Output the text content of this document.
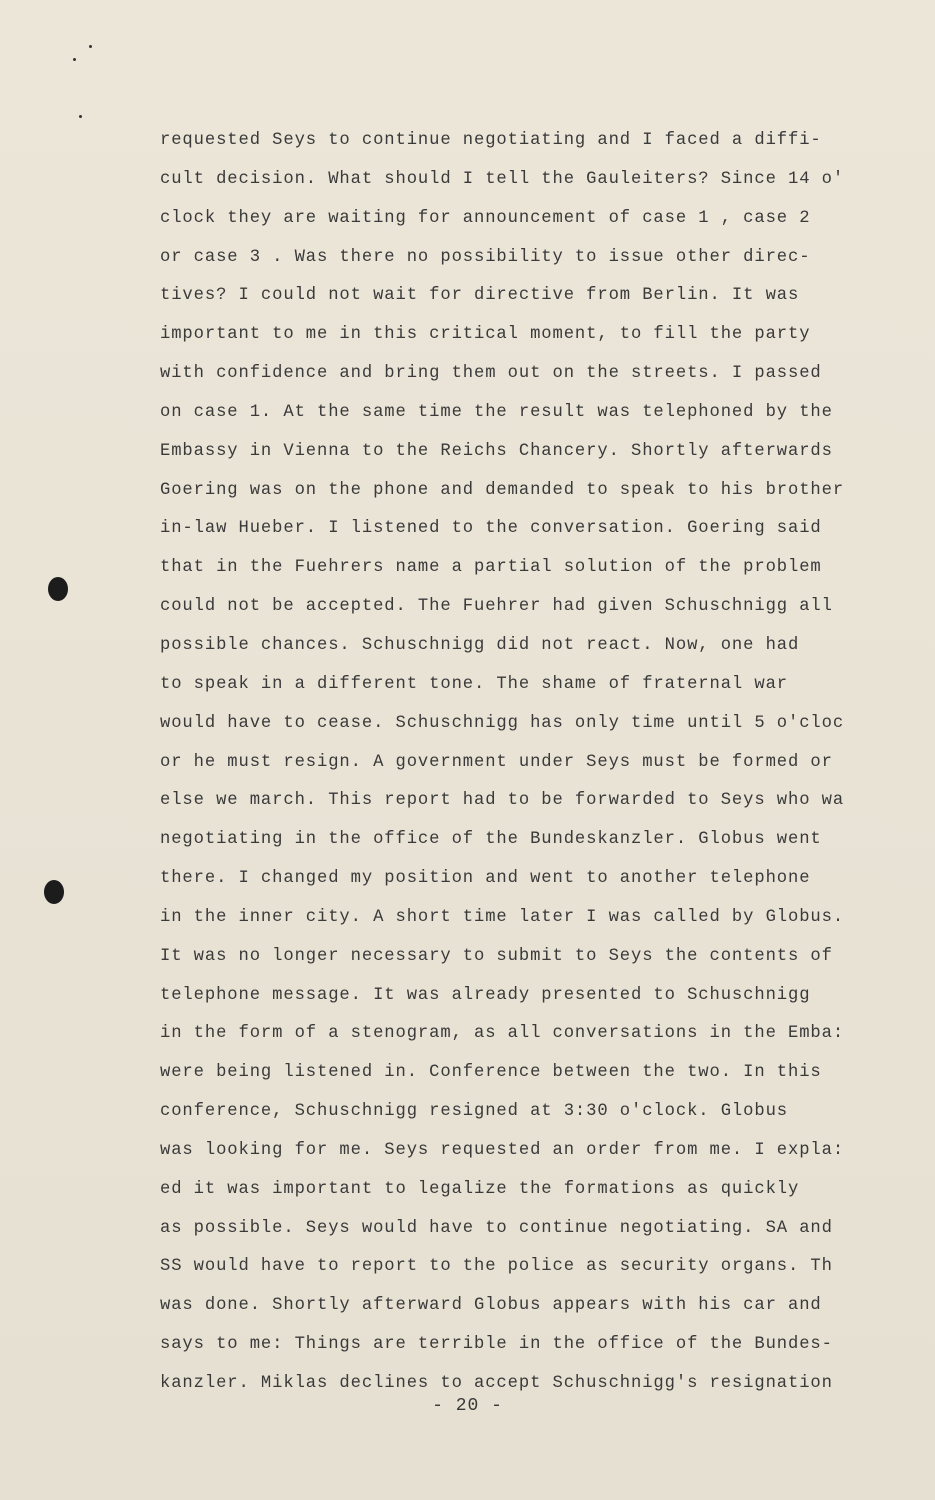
requested Seys to continue negotiating and I faced a diffi-
cult decision. What should I tell the Gauleiters? Since 14 o'
clock they are waiting for announcement of case 1 , case 2
or case 3 . Was there no possibility to issue other direc-
tives? I could not wait for directive from Berlin. It was
important to me in this critical moment, to fill the party
with confidence and bring them out on the streets. I passed
on case 1. At the same time the result was telephoned by the
Embassy in Vienna to the Reichs Chancery. Shortly afterwards
Goering was on the phone and demanded to speak to his brother
in-law Hueber. I listened to the conversation. Goering said
that in the Fuehrers name a partial solution of the problem
could not be accepted. The Fuehrer had given Schuschnigg all
possible chances. Schuschnigg did not react. Now, one had
to speak in a different tone. The shame of fraternal war
would have to cease. Schuschnigg has only time until 5 o'cloc
or he must resign. A government under Seys must be formed or
else we march. This report had to be forwarded to Seys who wa
negotiating in the office of the Bundeskanzler. Globus went
there. I changed my position and went to another telephone
in the inner city. A short time later I was called by Globus.
It was no longer necessary to submit to Seys the contents of
telephone message. It was already presented to Schuschnigg
in the form of a stenogram, as all conversations in the Emba:
were being listened in. Conference between the two. In this
conference, Schuschnigg resigned at 3:30 o'clock. Globus
was looking for me. Seys requested an order from me. I expla:
ed it was important to legalize the formations as quickly
as possible. Seys would have to continue negotiating. SA and
SS would have to report to the police as security organs. Th
was done. Shortly afterward Globus appears with his car and
says to me: Things are terrible in the office of the Bundes-
kanzler. Miklas declines to accept Schuschnigg's resignation
- 20 -
